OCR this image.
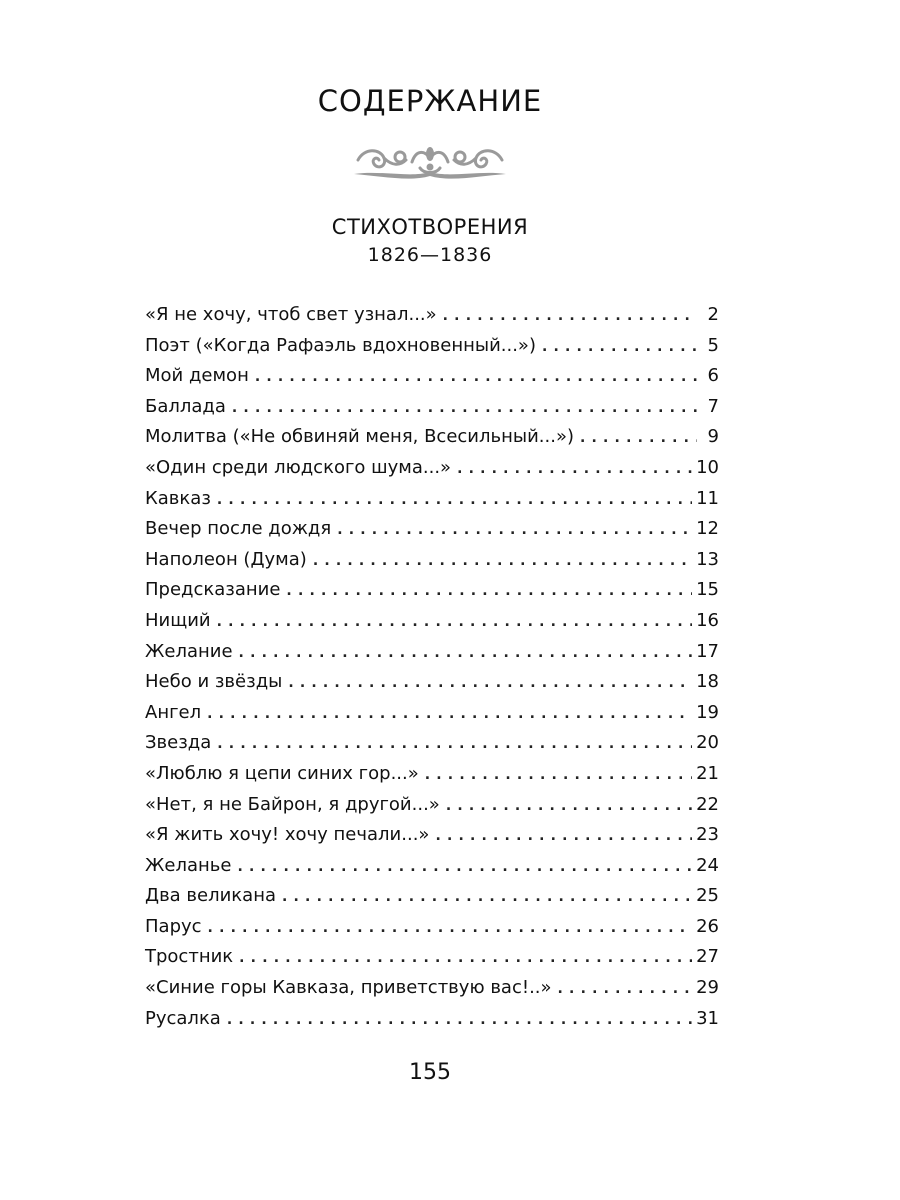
СОДЕРЖАНИЕ
СТИХОТВОРЕНИЯ
1826—1836
«Я не хочу, чтоб свет узнал...» .....	2
Поэт («Когда Рафаэль вдохновенный...») .....	5
Мой демон .....	6
Баллада .....	7
Молитва («Не обвиняй меня, Всесильный...») .....	9
«Один среди людского шума...» .....	10
Кавказ .....	11
Вечер после дождя .....	12
Наполеон (Дума) .....	13
Предсказание .....	15
Нищий .....	16
Желание .....	17
Небо и звёзды .....	18
Ангел .....	19
Звезда .....	20
«Люблю я цепи синих гор...» .....	21
«Нет, я не Байрон, я другой...» .....	22
«Я жить хочу! хочу печали...» .....	23
Желанье .....	24
Два великана .....	25
Парус .....	26
Тростник .....	27
«Синие горы Кавказа, приветствую вас!..» .....	29
Русалка .....	31
155
